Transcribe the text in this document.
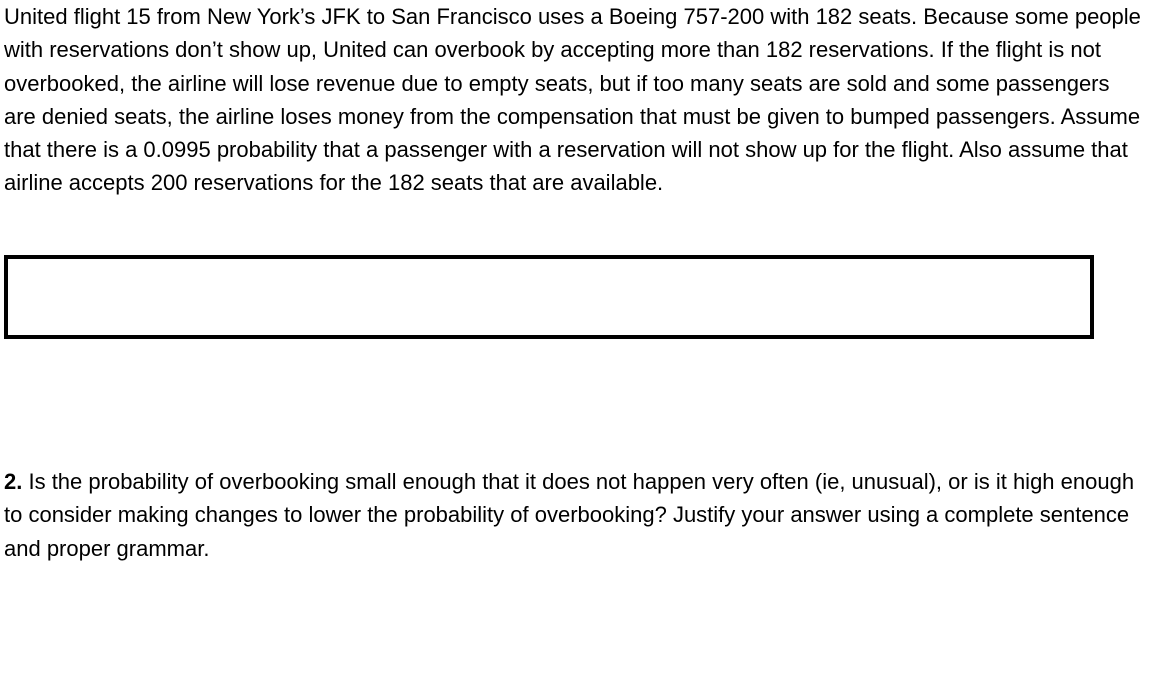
United flight 15 from New York’s JFK to San Francisco uses a Boeing 757-200 with 182 seats. Because some people with reservations don’t show up, United can overbook by accepting more than 182 reservations. If the flight is not overbooked, the airline will lose revenue due to empty seats, but if too many seats are sold and some passengers are denied seats, the airline loses money from the compensation that must be given to bumped passengers. Assume that there is a 0.0995 probability that a passenger with a reservation will not show up for the flight. Also assume that airline accepts 200 reservations for the 182 seats that are available.

2. Is the probability of overbooking small enough that it does not happen very often (ie, unusual), or is it high enough to consider making changes to lower the probability of overbooking? Justify your answer using a complete sentence and proper grammar.
